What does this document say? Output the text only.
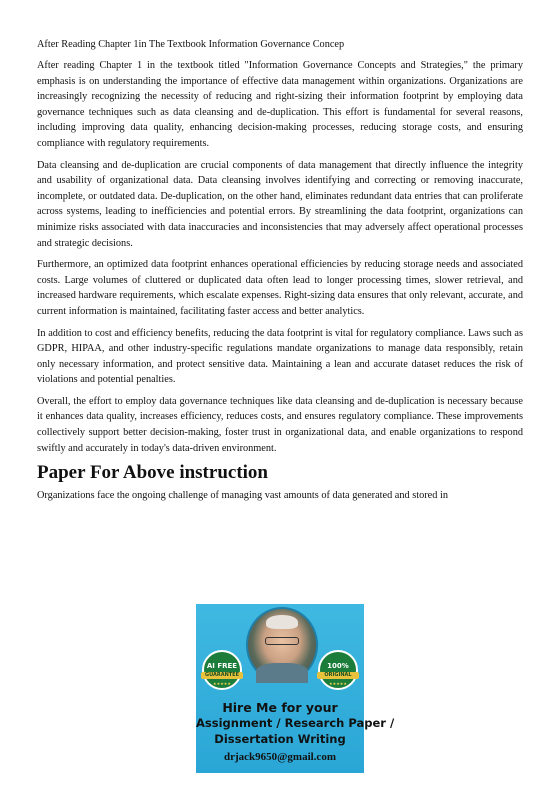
After Reading Chapter 1in The Textbook Information Governance Concep

After reading Chapter 1 in the textbook titled "Information Governance Concepts and Strategies," the primary emphasis is on understanding the importance of effective data management within organizations. Organizations are increasingly recognizing the necessity of reducing and right-sizing their information footprint by employing data governance techniques such as data cleansing and de-duplication. This effort is fundamental for several reasons, including improving data quality, enhancing decision-making processes, reducing storage costs, and ensuring compliance with regulatory requirements.

Data cleansing and de-duplication are crucial components of data management that directly influence the integrity and usability of organizational data. Data cleansing involves identifying and correcting or removing inaccurate, incomplete, or outdated data. De-duplication, on the other hand, eliminates redundant data entries that can proliferate across systems, leading to inefficiencies and potential errors. By streamlining the data footprint, organizations can minimize risks associated with data inaccuracies and inconsistencies that may adversely affect operational processes and strategic decisions.

Furthermore, an optimized data footprint enhances operational efficiencies by reducing storage needs and associated costs. Large volumes of cluttered or duplicated data often lead to longer processing times, slower retrieval, and increased hardware requirements, which escalate expenses. Right-sizing data ensures that only relevant, accurate, and current information is maintained, facilitating faster access and better analytics.

In addition to cost and efficiency benefits, reducing the data footprint is vital for regulatory compliance. Laws such as GDPR, HIPAA, and other industry-specific regulations mandate organizations to manage data responsibly, retain only necessary information, and protect sensitive data. Maintaining a lean and accurate dataset reduces the risk of violations and potential penalties.

Overall, the effort to employ data governance techniques like data cleansing and de-duplication is necessary because it enhances data quality, increases efficiency, reduces costs, and ensures regulatory compliance. These improvements collectively support better decision-making, foster trust in organizational data, and enable organizations to respond swiftly and accurately in today's data-driven environment.

Paper For Above instruction

Organizations face the ongoing challenge of managing vast amounts of data generated and stored in

AI FREE
GUARANTEE
★★★★★
100%
ORIGINAL
★★★★★
Hire Me for your
Assignment / Research Paper /
Dissertation Writing
drjack9650@gmail.com
